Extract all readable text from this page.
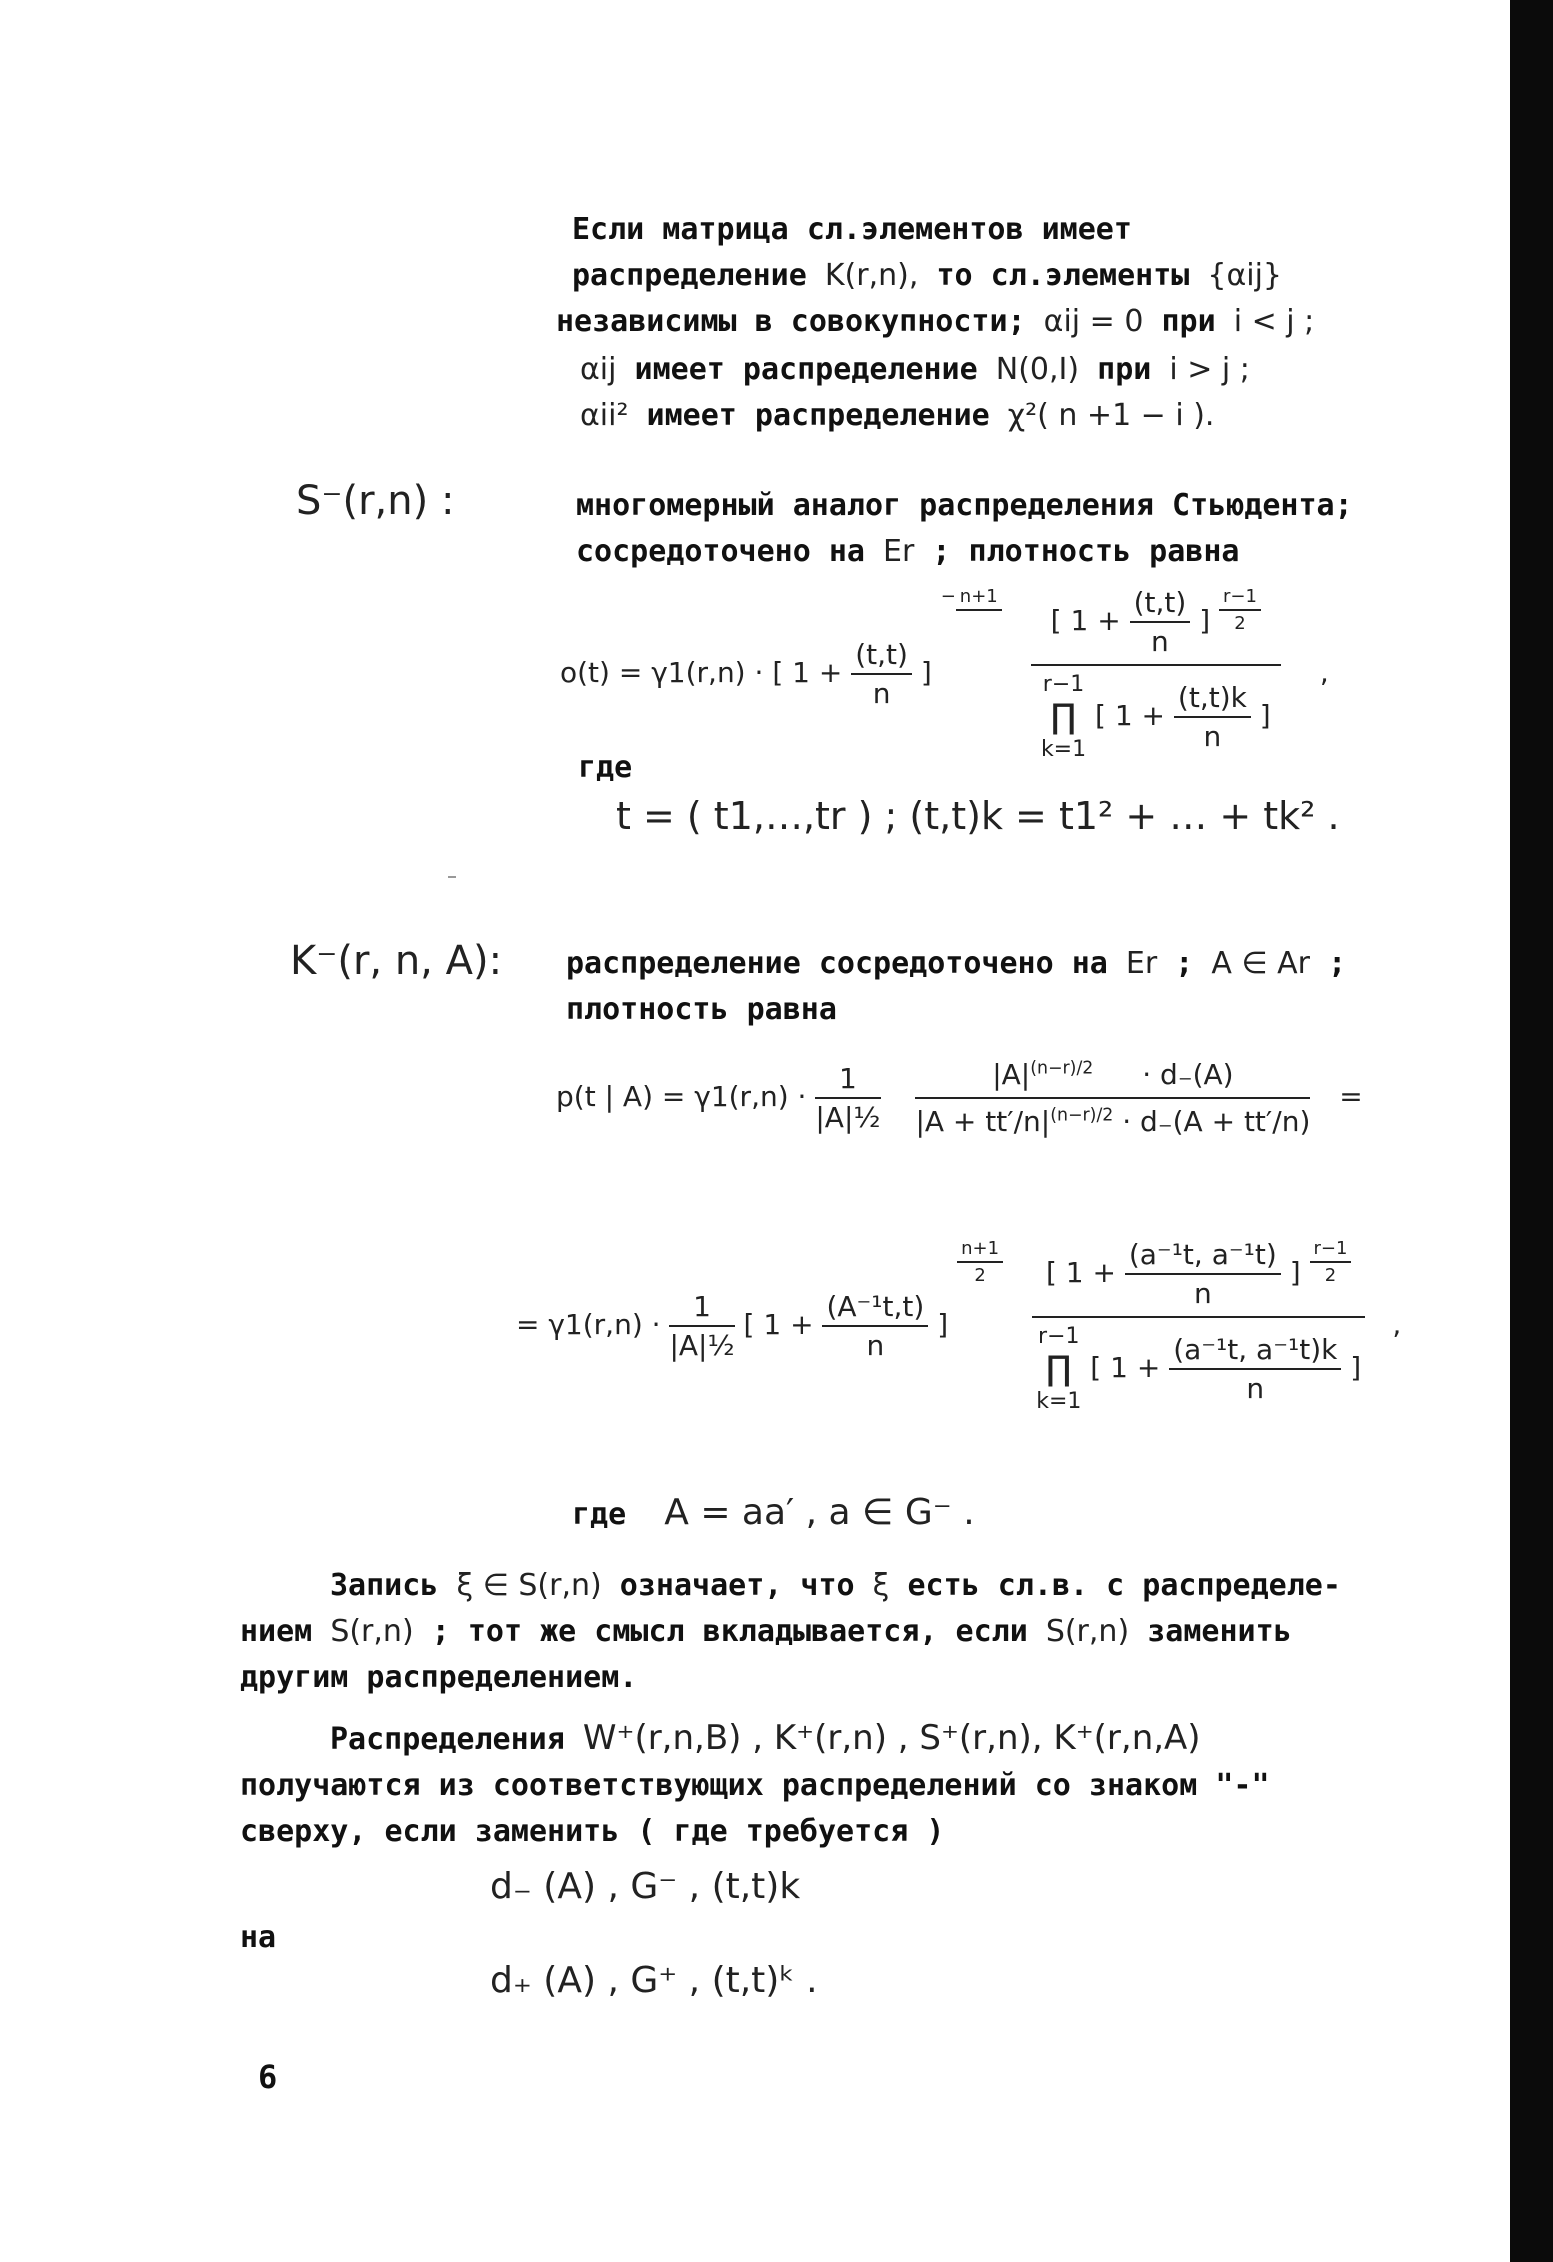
Если матрица сл.элементов имеет
распределение K(r,n), то сл.элементы {αij}
независимы в совокупности; αij = 0 при i < j ;
αij имеет распределение N(0,I) при i > j ;
αii² имеет распределение χ²( n +1 − i ).
S⁻(r,n) :	многомерный аналог распределения Стьюдента;
сосредоточено на Er ; плотность равна
o(t) = γ1(r,n) · [ $1 + \frac{(t,t)}{n}$ ] − n+1 [ $1 + \frac{(t,t)}{n}$ ] $\frac{r-1}{2}$
r−1
∏
k=1
[ $1 + \frac{(t,t)k}{n}$ ] ,
где
t = ( t1,…,tr ) ; (t,t)k = t1² + … + tk² .
K⁻(r, n, A): распределение сосредоточено на Er ; A ∈ Ar ;
плотность равна
p(t | $A) = \gamma 1(r,n) \cdot \frac{1}{\text{|A|½}}$
$\frac{|A|^{(n-r)/2} \cdot d_-(A)}{|A + tt'/n|^{(n-r)/2} \cdot d_-(A + tt'/n)}$ =
= $\gamma 1(r,n) \cdot \frac{1}{\text{|A|½}}$ [ $1 + \frac{\text{(A⁻¹t,t)}}{n}$ ]
$\frac{n+1}{2}$
[ $1 + \frac{\text{(a⁻¹t, a⁻¹t)}}{n}$ ] $\frac{r-1}{2}$
r−1
∏
k=1
[ $1 + \frac{\text{(a⁻¹t, a⁻¹t)k}}{n}$ ] ,
где A = aa′ , a ∈ G⁻ .
Запись ξ ∈ S(r,n) означает, что ξ есть сл.в. с распределе-
нием S(r,n) ; тот же смысл вкладывается, если S(r,n) заменить
другим распределением.
Распределения W⁺(r,n,B) , K⁺(r,n) , S⁺(r,n), K⁺(r,n,A)
получаются из соответствующих распределений со знаком "-"
сверху, если заменить ( где требуется )
d₋ (A) , G⁻ , (t,t)k
на
d₊ (A) , G⁺ , (t,t)ᵏ .
6
